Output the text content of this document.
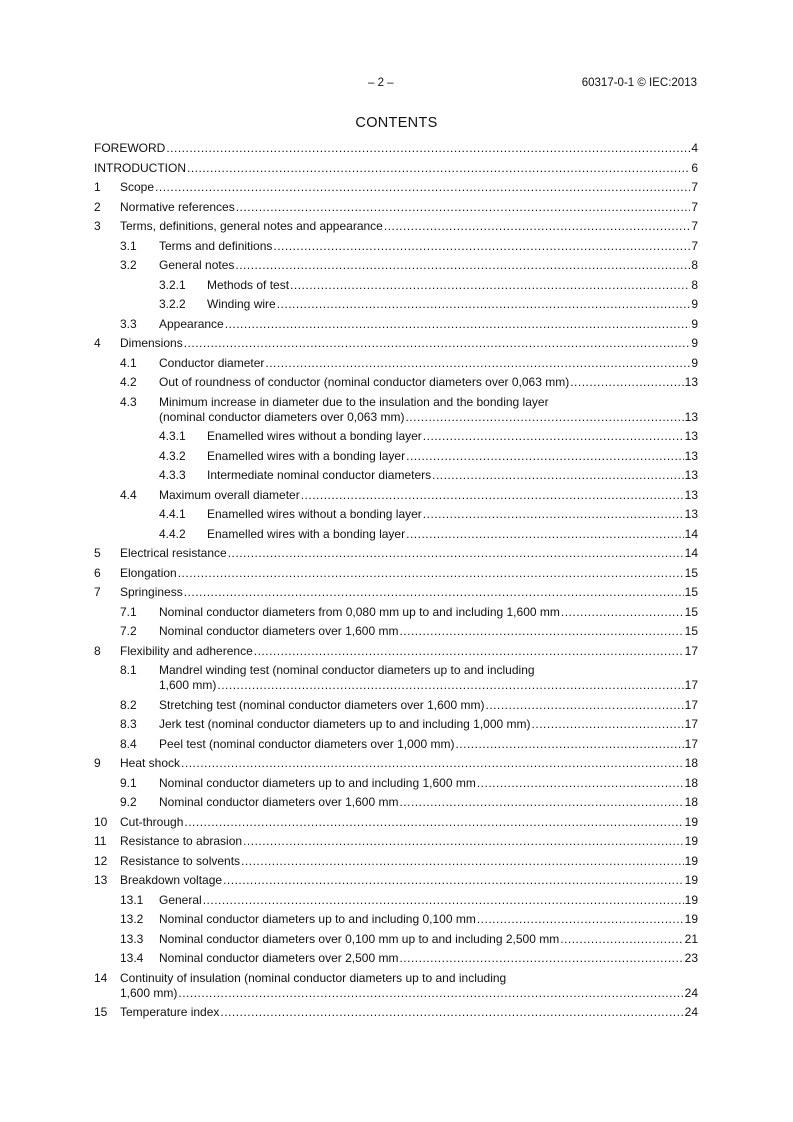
– 2 –	60317-0-1 © IEC:2013
CONTENTS
FOREWORD .....	4
INTRODUCTION .....	6
1	Scope .....	7
2	Normative references .....	7
3	Terms, definitions, general notes and appearance .....	7
3.1	Terms and definitions .....	7
3.2	General notes .....	8
3.2.1	Methods of test .....	8
3.2.2	Winding wire .....	9
3.3	Appearance .....	9
4	Dimensions .....	9
4.1	Conductor diameter .....	9
4.2	Out of roundness of conductor (nominal conductor diameters over 0,063 mm) .....	13
4.3	Minimum increase in diameter due to the insulation and the bonding layer
(nominal conductor diameters over 0,063 mm) .....	13
4.3.1	Enamelled wires without a bonding layer .....	13
4.3.2	Enamelled wires with a bonding layer .....	13
4.3.3	Intermediate nominal conductor diameters .....	13
4.4	Maximum overall diameter .....	13
4.4.1	Enamelled wires without a bonding layer .....	13
4.4.2	Enamelled wires with a bonding layer .....	14
5	Electrical resistance .....	14
6	Elongation .....	15
7	Springiness .....	15
7.1	Nominal conductor diameters from 0,080 mm up to and including 1,600 mm .....	15
7.2	Nominal conductor diameters over 1,600 mm .....	15
8	Flexibility and adherence .....	17
8.1	Mandrel winding test (nominal conductor diameters up to and including
1,600 mm) .....	17
8.2	Stretching test (nominal conductor diameters over 1,600 mm) .....	17
8.3	Jerk test (nominal conductor diameters up to and including 1,000 mm) .....	17
8.4	Peel test (nominal conductor diameters over 1,000 mm) .....	17
9	Heat shock .....	18
9.1	Nominal conductor diameters up to and including 1,600 mm .....	18
9.2	Nominal conductor diameters over 1,600 mm .....	18
10	Cut-through .....	19
11	Resistance to abrasion .....	19
12	Resistance to solvents .....	19
13	Breakdown voltage .....	19
13.1	General .....	19
13.2	Nominal conductor diameters up to and including 0,100 mm .....	19
13.3	Nominal conductor diameters over 0,100 mm up to and including 2,500 mm .....	21
13.4	Nominal conductor diameters over 2,500 mm .....	23
14	Continuity of insulation (nominal conductor diameters up to and including
1,600 mm) .....	24
15	Temperature index .....	24
